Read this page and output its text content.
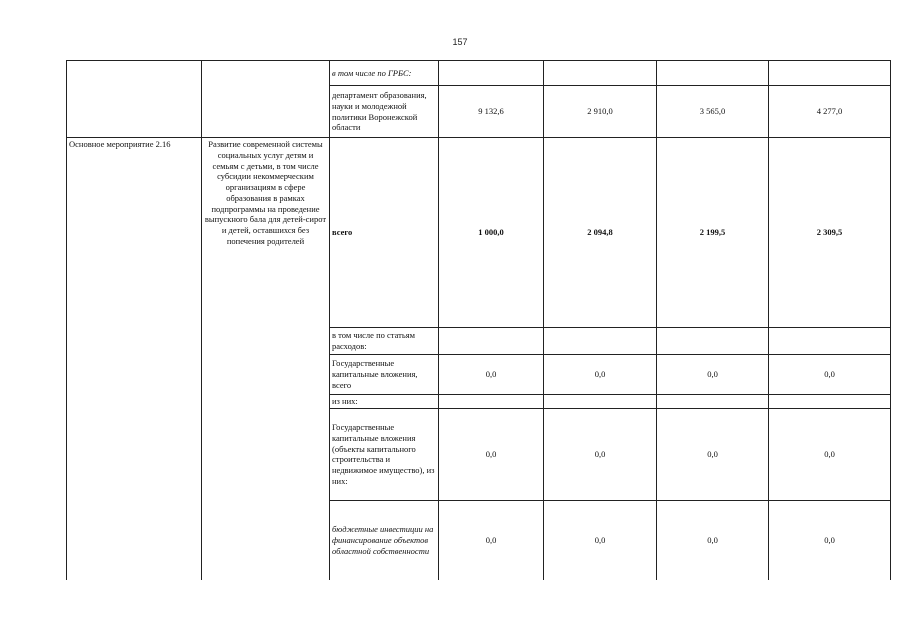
157
		в том числе по ГРБС:				
		департамент образования, науки и молодежной политики Воронежской области	9 132,6	2 910,0	3 565,0	4 277,0
Основное мероприятие 2.16	Развитие современной системы социальных услуг детям и семьям с детьми, в том числе субсидии некоммерческим организациям в сфере образования в рамках подпрограммы на проведение выпускного бала для детей-сирот и детей, оставшихся без попечения родителей	всего	1 000,0	2 094,8	2 199,5	2 309,5
		в том числе по статьям расходов:				
		Государственные капитальные вложения, всего	0,0	0,0	0,0	0,0
		из них:				
		Государственные капитальные вложения (объекты капитального строительства и недвижимое имущество), из них:	0,0	0,0	0,0	0,0
		бюджетные инвестиции на финансирование объектов областной собственности	0,0	0,0	0,0	0,0
